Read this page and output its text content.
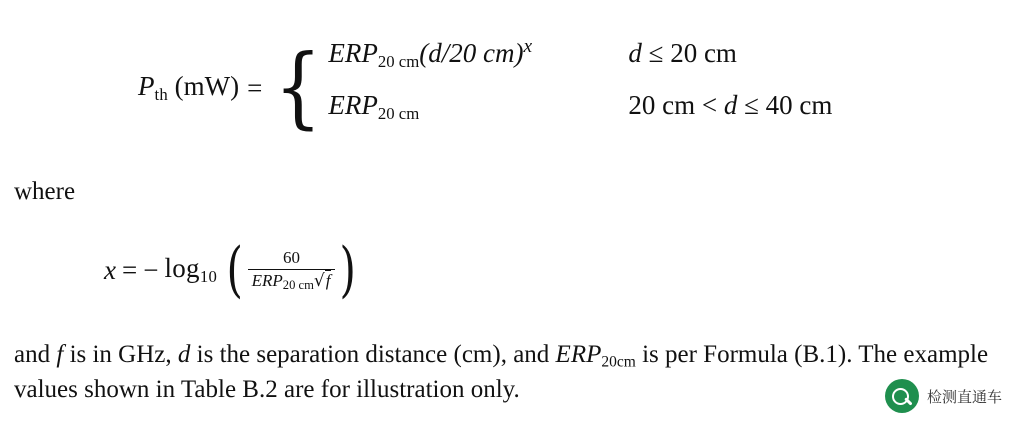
$P_{th}$ (mW) = { $ERP_{20 cm}(d/20$ cm)$^x$	d ≤ 20 cm
$ERP_{20 cm}$	20 cm < d ≤ 40 cm
where
x = − $\log_{10}$ ( $\frac{60}{ERP_{20 cm}√f}$ )
and f is in GHz, d is the separation distance (cm), and $ERP_{20cm}$ is per Formula (B.1). The example values shown in Table B.2 are for illustration only.	检测直通车
